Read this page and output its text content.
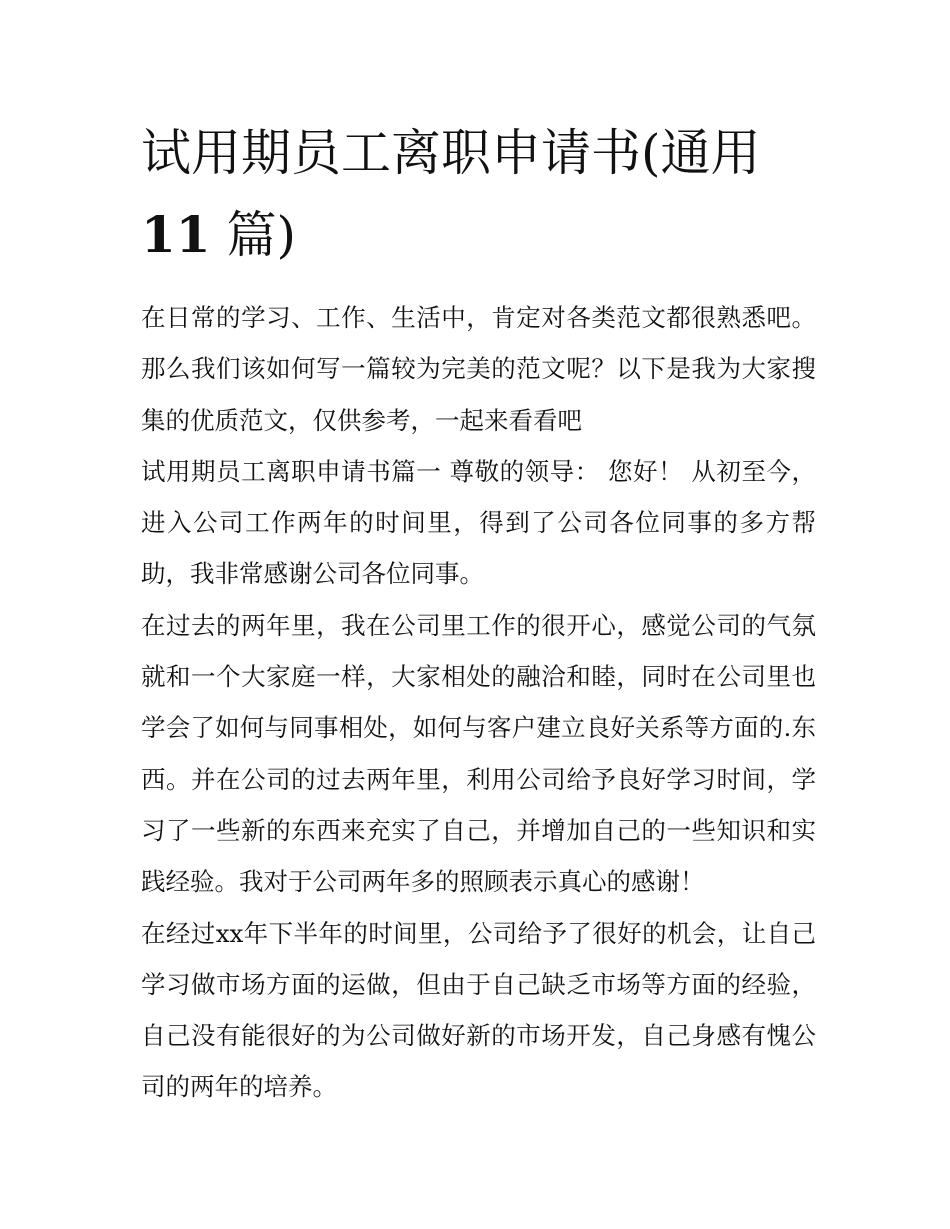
试用期员工离职申请书(通用
11 篇)

在日常的学习、工作、生活中，肯定对各类范文都很熟悉吧。那么我们该如何写一篇较为完美的范文呢？以下是我为大家搜集的优质范文，仅供参考，一起来看看吧

试用期员工离职申请书篇一 尊敬的领导： 您好！ 从初至今，进入公司工作两年的时间里，得到了公司各位同事的多方帮助，我非常感谢公司各位同事。

在过去的两年里，我在公司里工作的很开心，感觉公司的气氛就和一个大家庭一样，大家相处的融洽和睦，同时在公司里也学会了如何与同事相处，如何与客户建立良好关系等方面的.东西。并在公司的过去两年里，利用公司给予良好学习时间，学习了一些新的东西来充实了自己，并增加自己的一些知识和实践经验。我对于公司两年多的照顾表示真心的感谢！

在经过xx年下半年的时间里，公司给予了很好的机会，让自己学习做市场方面的运做，但由于自己缺乏市场等方面的经验，自己没有能很好的为公司做好新的市场开发，自己身感有愧公司的两年的培养。
